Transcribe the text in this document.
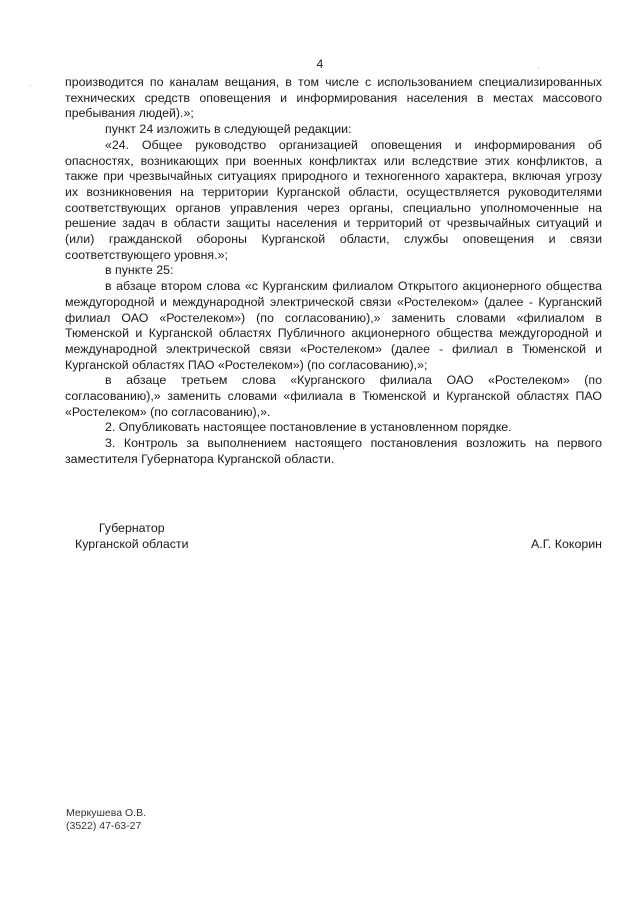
4

производится по каналам вещания, в том числе с использованием специализированных технических средств оповещения и информирования населения в местах массового пребывания людей).»;

пункт 24 изложить в следующей редакции:

«24. Общее руководство организацией оповещения и информирования об опасностях, возникающих при военных конфликтах или вследствие этих конфликтов, а также при чрезвычайных ситуациях природного и техногенного характера, включая угрозу их возникновения на территории Курганской области, осуществляется руководителями соответствующих органов управления через органы, специально уполномоченные на решение задач в области защиты населения и территорий от чрезвычайных ситуаций и (или) гражданской обороны Курганской области, службы оповещения и связи соответствующего уровня.»;

в пункте 25:

в абзаце втором слова «с Курганским филиалом Открытого акционерного общества междугородной и международной электрической связи «Ростелеком» (далее - Курганский филиал ОАО «Ростелеком») (по согласованию),» заменить словами «филиалом в Тюменской и Курганской областях Публичного акционерного общества междугородной и международной электрической связи «Ростелеком» (далее - филиал в Тюменской и Курганской областях ПАО «Ростелеком») (по согласованию),»;

в абзаце третьем слова «Курганского филиала ОАО «Ростелеком» (по согласованию),» заменить словами «филиала в Тюменской и Курганской областях ПАО «Ростелеком» (по согласованию),».

2. Опубликовать настоящее постановление в установленном порядке.

3. Контроль за выполнением настоящего постановления возложить на первого заместителя Губернатора Курганской области.

Губернатор
Курганской области	А.Г. Кокорин
Меркушева О.В.
(3522) 47-63-27
